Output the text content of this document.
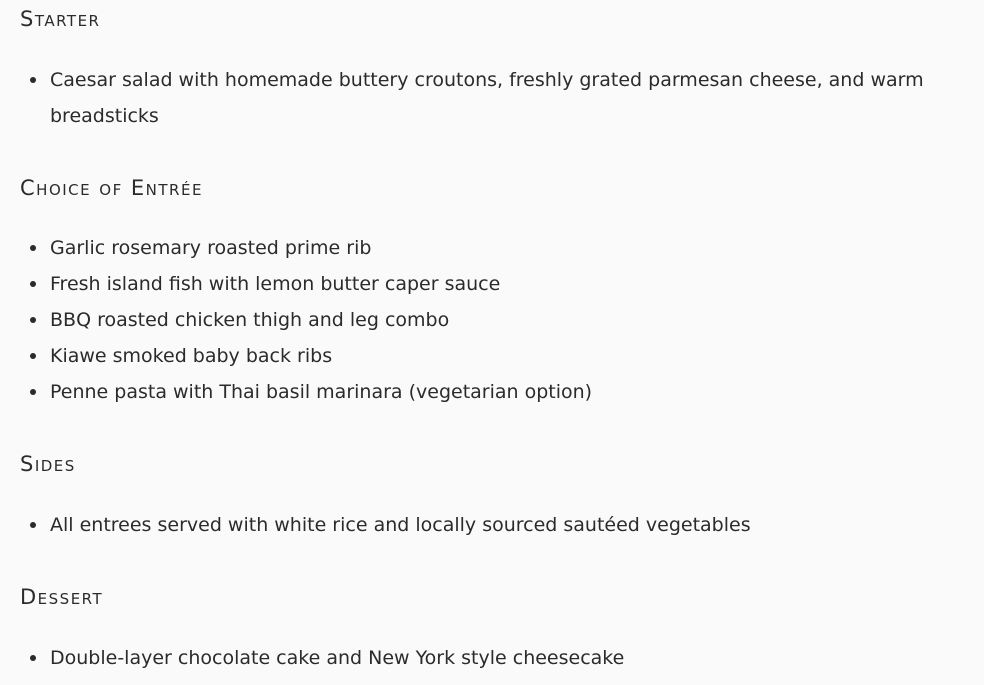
Starter
Caesar salad with homemade buttery croutons, freshly grated parmesan cheese, and warm breadsticks
Choice of Entrée
Garlic rosemary roasted prime rib
Fresh island fish with lemon butter caper sauce
BBQ roasted chicken thigh and leg combo
Kiawe smoked baby back ribs
Penne pasta with Thai basil marinara (vegetarian option)
Sides
All entrees served with white rice and locally sourced sautéed vegetables
Dessert
Double-layer chocolate cake and New York style cheesecake
